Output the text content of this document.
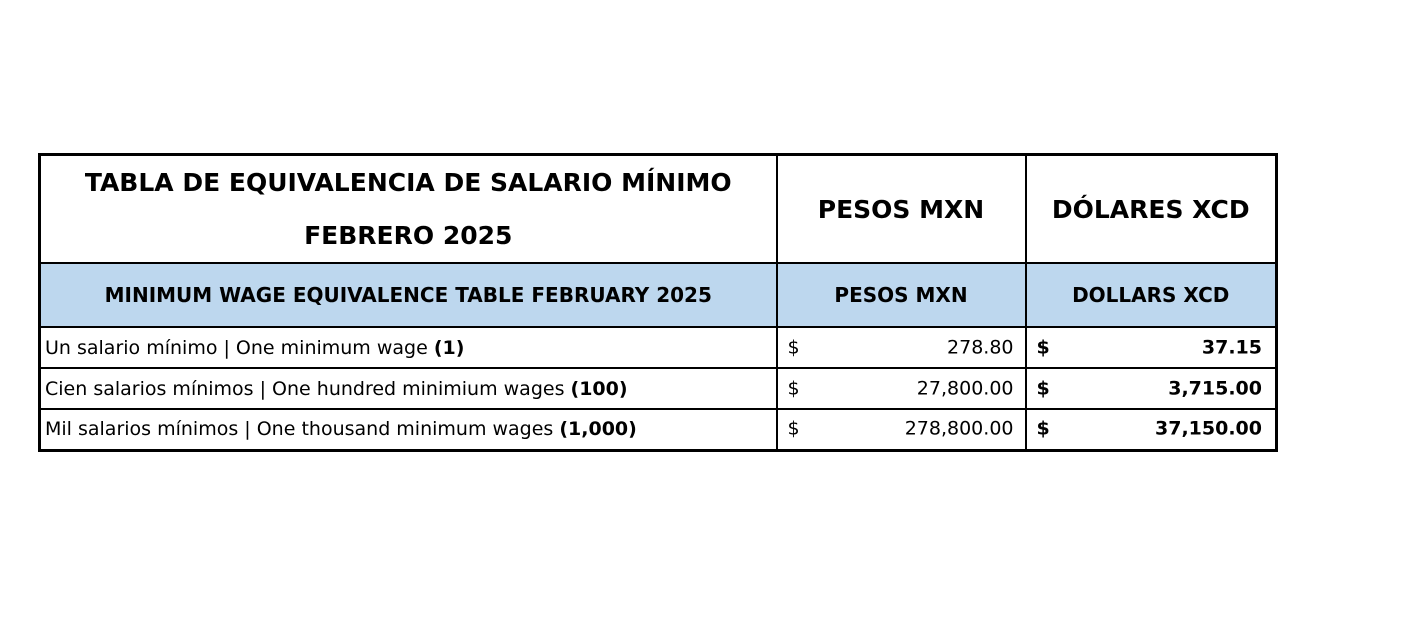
TABLA DE EQUIVALENCIA DE SALARIO MÍNIMO FEBRERO 2025	PESOS MXN	DÓLARES XCD
MINIMUM WAGE EQUIVALENCE TABLE FEBRUARY 2025	PESOS MXN	DOLLARS XCD
Un salario mínimo | One minimum wage (1)	$ 278.80	$ 37.15

Cien salarios mínimos | One hundred minimium wages (100)	$ 27,800.00	$ 3,715.00

Mil salarios mínimos | One thousand minimum wages (1,000)	$ 278,800.00	$ 37,150.00
